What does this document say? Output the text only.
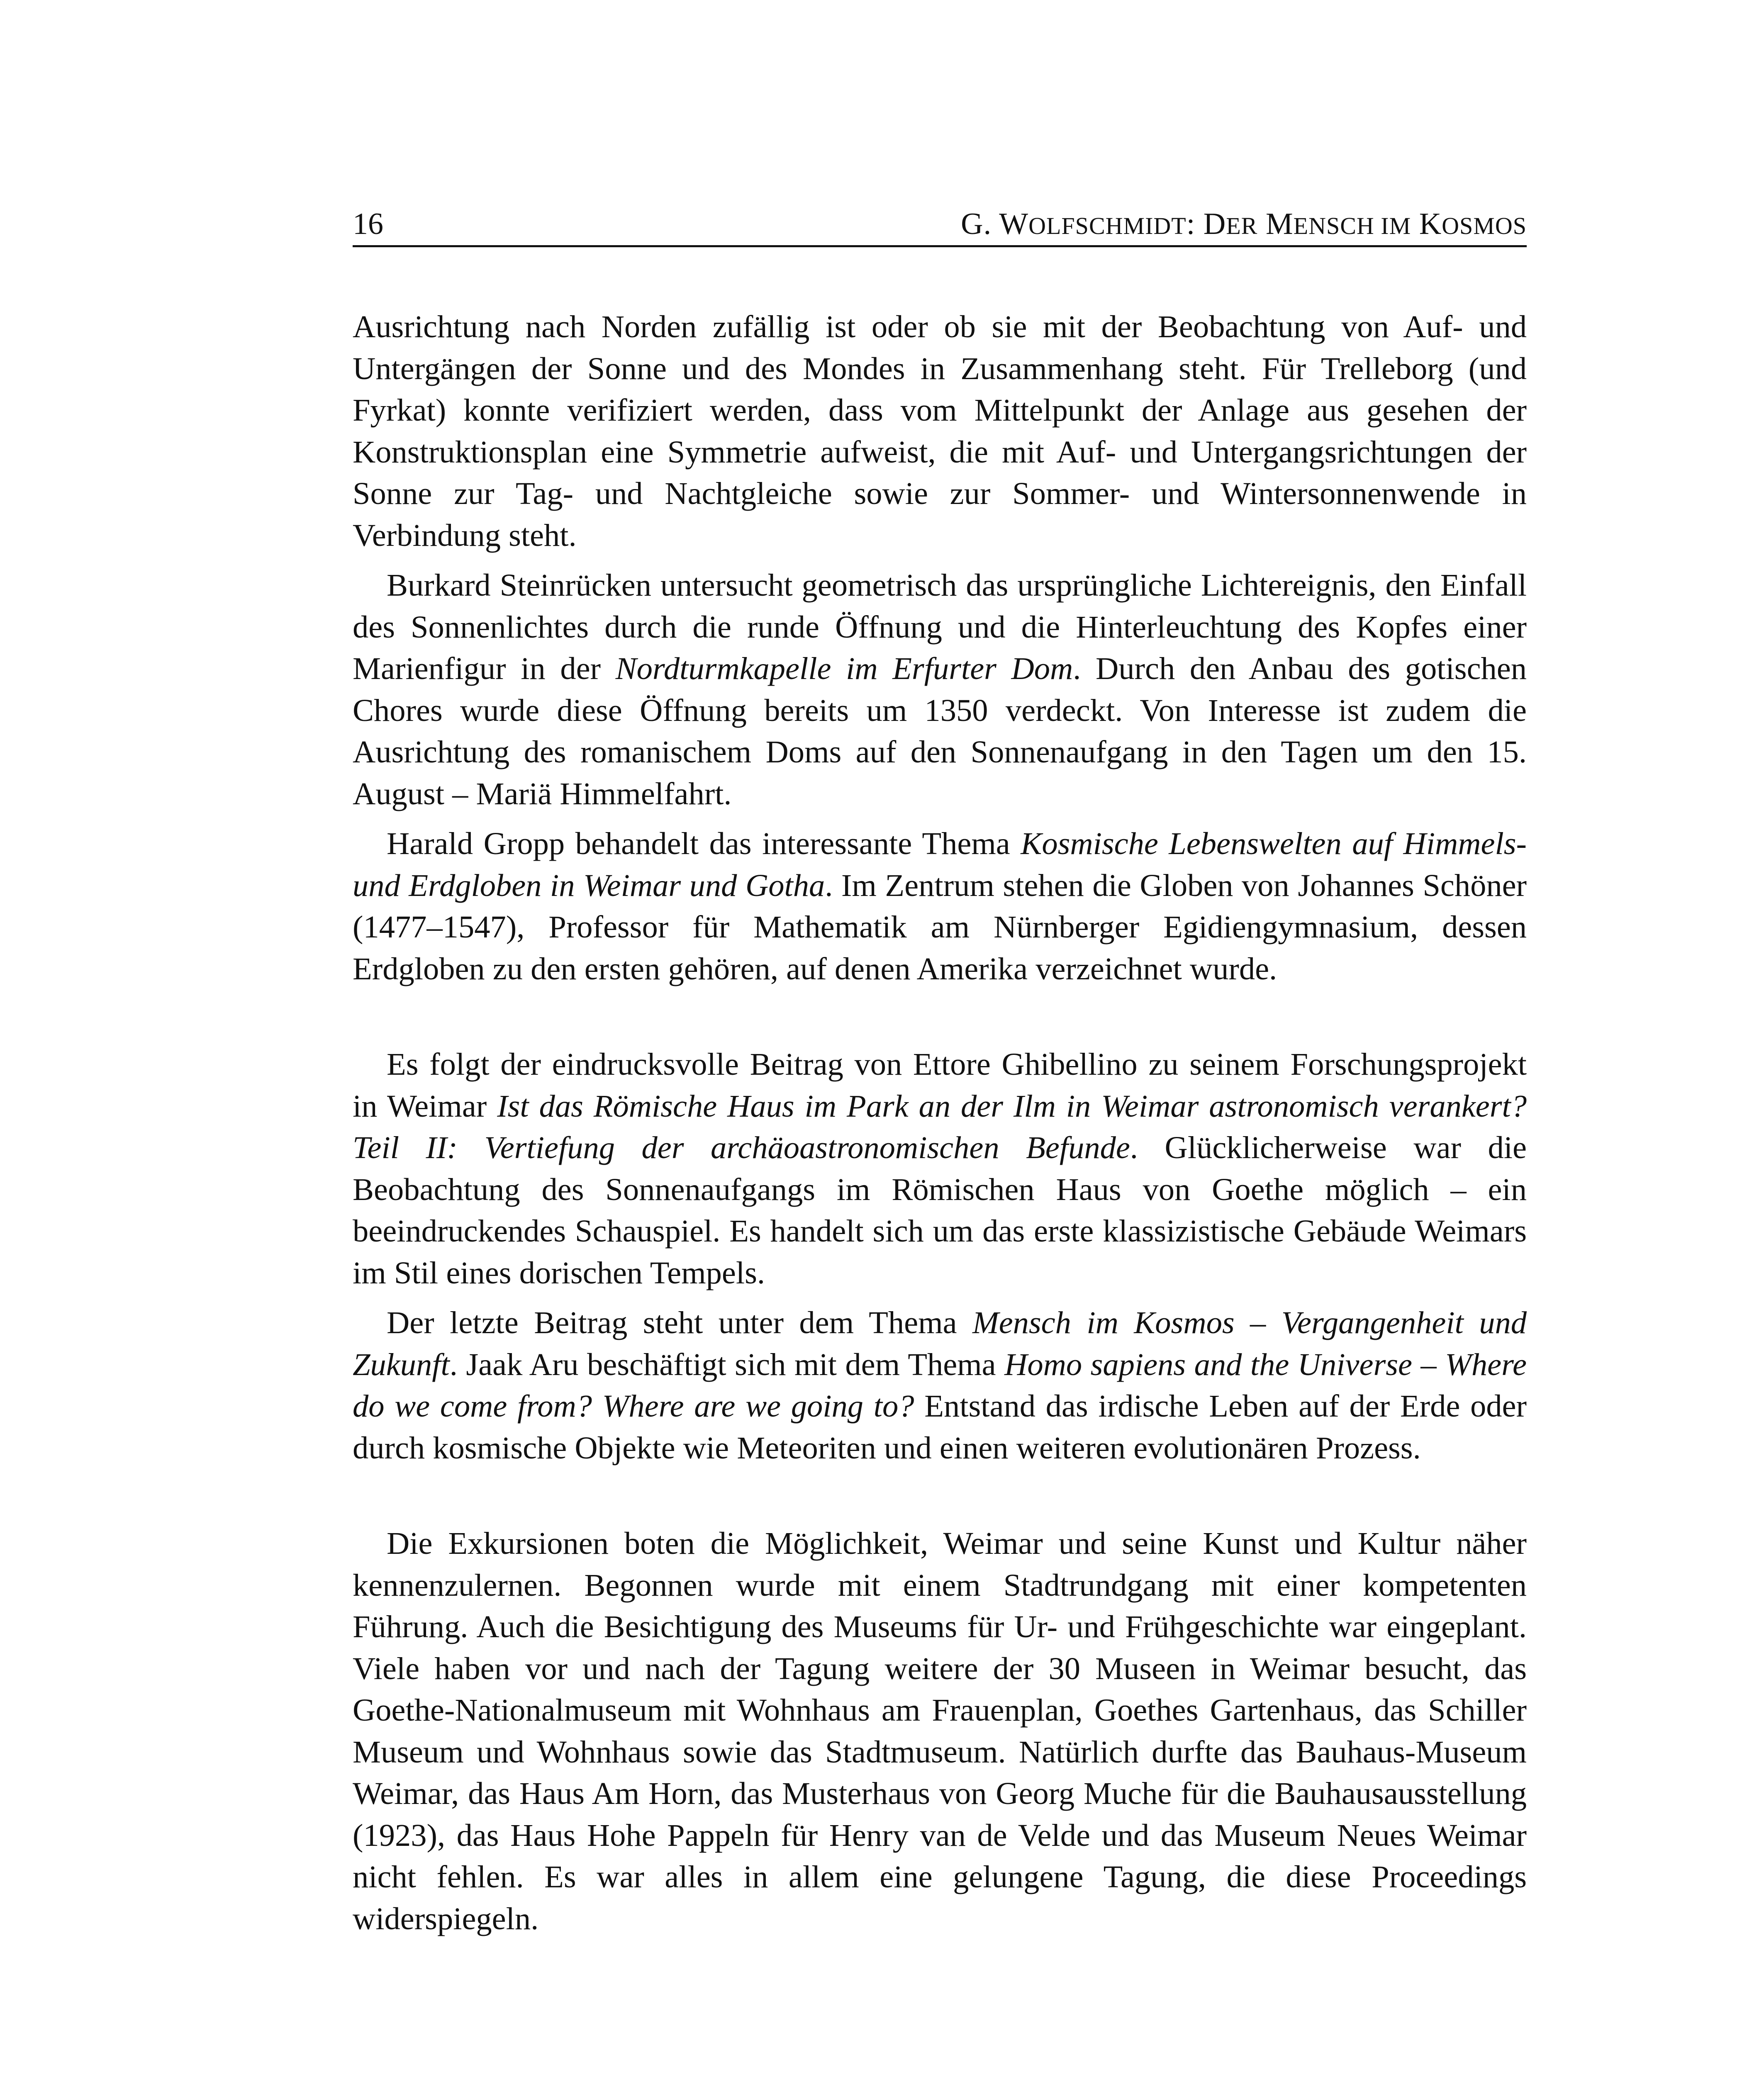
16	G. WOLFSCHMIDT: DER MENSCH IM KOSMOS

Ausrichtung nach Norden zufällig ist oder ob sie mit der Beobachtung von Auf- und Untergängen der Sonne und des Mondes in Zusammenhang steht. Für Trelleborg (und Fyrkat) konnte verifiziert werden, dass vom Mittelpunkt der Anlage aus gesehen der Konstruktionsplan eine Symmetrie aufweist, die mit Auf- und Untergangsrichtungen der Sonne zur Tag- und Nachtgleiche sowie zur Sommer- und Wintersonnenwende in Verbindung steht.

Burkard Steinrücken untersucht geometrisch das ursprüngliche Lichtereignis, den Einfall des Sonnenlichtes durch die runde Öffnung und die Hinterleuchtung des Kopfes einer Marienfigur in der Nordturmkapelle im Erfurter Dom. Durch den Anbau des gotischen Chores wurde diese Öffnung bereits um 1350 verdeckt. Von Interesse ist zudem die Ausrichtung des romanischem Doms auf den Sonnenaufgang in den Tagen um den 15. August – Mariä Himmelfahrt.

Harald Gropp behandelt das interessante Thema Kosmische Lebenswelten auf Himmels- und Erdgloben in Weimar und Gotha. Im Zentrum stehen die Globen von Johannes Schöner (1477–1547), Professor für Mathematik am Nürnberger Egidiengymnasium, dessen Erdgloben zu den ersten gehören, auf denen Amerika verzeichnet wurde.

Es folgt der eindrucksvolle Beitrag von Ettore Ghibellino zu seinem Forschungsprojekt in Weimar Ist das Römische Haus im Park an der Ilm in Weimar astronomisch verankert? Teil II: Vertiefung der archäoastronomischen Befunde. Glücklicherweise war die Beobachtung des Sonnenaufgangs im Römischen Haus von Goethe möglich – ein beeindruckendes Schauspiel. Es handelt sich um das erste klassizistische Gebäude Weimars im Stil eines dorischen Tempels.

Der letzte Beitrag steht unter dem Thema Mensch im Kosmos – Vergangenheit und Zukunft. Jaak Aru beschäftigt sich mit dem Thema Homo sapiens and the Universe – Where do we come from? Where are we going to? Entstand das irdische Leben auf der Erde oder durch kosmische Objekte wie Meteoriten und einen weiteren evolutionären Prozess.

Die Exkursionen boten die Möglichkeit, Weimar und seine Kunst und Kultur näher kennenzulernen. Begonnen wurde mit einem Stadtrundgang mit einer kompetenten Führung. Auch die Besichtigung des Museums für Ur- und Frühgeschichte war eingeplant. Viele haben vor und nach der Tagung weitere der 30 Museen in Weimar besucht, das Goethe-Nationalmuseum mit Wohnhaus am Frauenplan, Goethes Gartenhaus, das Schiller Museum und Wohnhaus sowie das Stadtmuseum. Natürlich durfte das Bauhaus-Museum Weimar, das Haus Am Horn, das Musterhaus von Georg Muche für die Bauhausausstellung (1923), das Haus Hohe Pappeln für Henry van de Velde und das Museum Neues Weimar nicht fehlen. Es war alles in allem eine gelungene Tagung, die diese Proceedings widerspiegeln.
